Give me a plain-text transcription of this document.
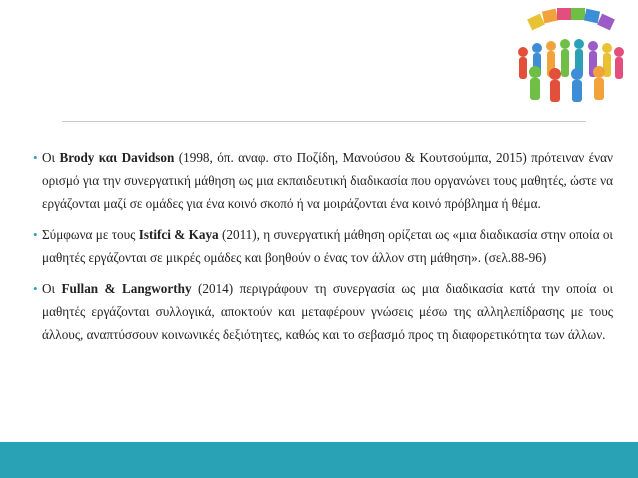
• Οι Brody και Davidson (1998, όπ. αναφ. στο Ποζίδη, Μανούσου & Κουτσούμπα, 2015) πρότειναν έναν ορισμό για την συνεργατική μάθηση ως μια εκπαιδευτική διαδικασία που οργανώνει τους μαθητές, ώστε να εργάζονται μαζί σε ομάδες για ένα κοινό σκοπό ή να μοιράζονται ένα κοινό πρόβλημα ή θέμα.

• Σύμφωνα με τους Istifci & Kaya (2011), η συνεργατική μάθηση ορίζεται ως «μια διαδικασία στην οποία οι μαθητές εργάζονται σε μικρές ομάδες και βοηθούν ο ένας τον άλλον στη μάθηση». (σελ.88-96)

• Οι Fullan & Langworthy (2014) περιγράφουν τη συνεργασία ως μια διαδικασία κατά την οποία οι μαθητές εργάζονται συλλογικά, αποκτούν και μεταφέρουν γνώσεις μέσω της αλληλεπίδρασης με τους άλλους, αναπτύσσουν κοινωνικές δεξιότητες, καθώς και το σεβασμό προς τη διαφορετικότητα των άλλων.
